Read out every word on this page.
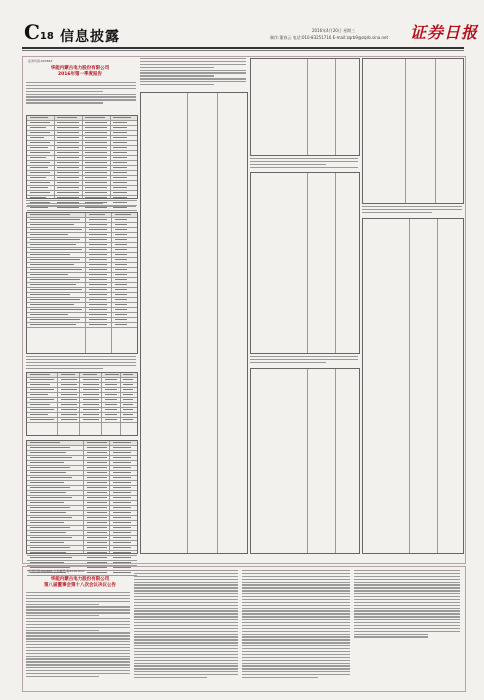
C18 信息披露	2016年4月20日 星期三
制作:董春云 电话:010-83251716 E-mail:zqrb9@zqrb.sina.net 证券日报
证券代码:600863
华能内蒙古电力股份有限公司
2016年第一季度报告
证券代码:600863 公告编号:临2016-010
华能内蒙古电力股份有限公司
第八届董事会第十八次会议决议公告
